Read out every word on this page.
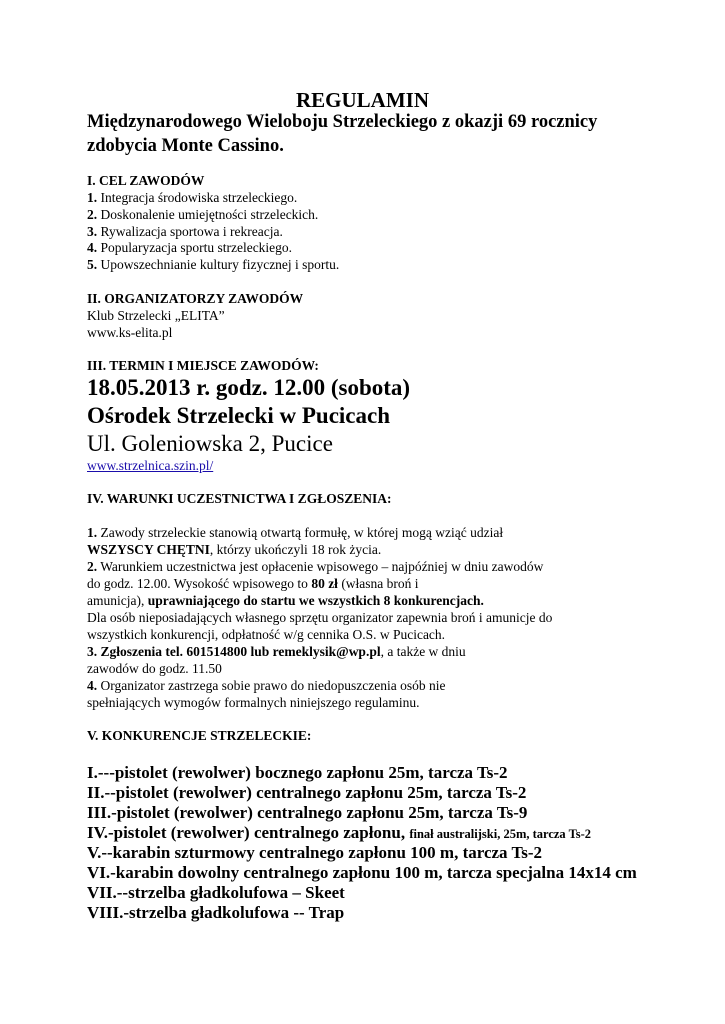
REGULAMIN
Międzynarodowego Wieloboju Strzeleckiego z okazji 69 rocznicy
zdobycia Monte Cassino.
I. CEL ZAWODÓW
1. Integracja środowiska strzeleckiego.
2. Doskonalenie umiejętności strzeleckich.
3. Rywalizacja sportowa i rekreacja.
4. Popularyzacja sportu strzeleckiego.
5. Upowszechnianie kultury fizycznej i sportu.
II. ORGANIZATORZY ZAWODÓW
Klub Strzelecki „ELITA”
www.ks-elita.pl
III. TERMIN I MIEJSCE ZAWODÓW:
18.05.2013 r. godz. 12.00 (sobota)
Ośrodek Strzelecki w Pucicach
Ul. Goleniowska 2, Pucice
www.strzelnica.szin.pl/
IV. WARUNKI UCZESTNICTWA I ZGŁOSZENIA:
1. Zawody strzeleckie stanowią otwartą formułę, w której mogą wziąć udział
WSZYSCY CHĘTNI, którzy ukończyli 18 rok życia.
2. Warunkiem uczestnictwa jest opłacenie wpisowego – najpóźniej w dniu zawodów
do godz. 12.00. Wysokość wpisowego to 80 zł (własna broń i
amunicja), uprawniającego do startu we wszystkich 8 konkurencjach.
Dla osób nieposiadających własnego sprzętu organizator zapewnia broń i amunicje do
wszystkich konkurencji, odpłatność w/g cennika O.S. w Pucicach.
3. Zgłoszenia tel. 601514800 lub remeklysik@wp.pl, a także w dniu
zawodów do godz. 11.50
4. Organizator zastrzega sobie prawo do niedopuszczenia osób nie
spełniających wymogów formalnych niniejszego regulaminu.
V. KONKURENCJE STRZELECKIE:
I.---pistolet (rewolwer) bocznego zapłonu 25m, tarcza Ts-2
II.--pistolet (rewolwer) centralnego zapłonu 25m, tarcza Ts-2
III.-pistolet (rewolwer) centralnego zapłonu 25m, tarcza Ts-9
IV.-pistolet (rewolwer) centralnego zapłonu, finał australijski, 25m, tarcza Ts-2
V.--karabin szturmowy centralnego zapłonu 100 m, tarcza Ts-2
VI.-karabin dowolny centralnego zapłonu 100 m, tarcza specjalna 14x14 cm
VII.--strzelba gładkolufowa – Skeet
VIII.-strzelba gładkolufowa -- Trap
